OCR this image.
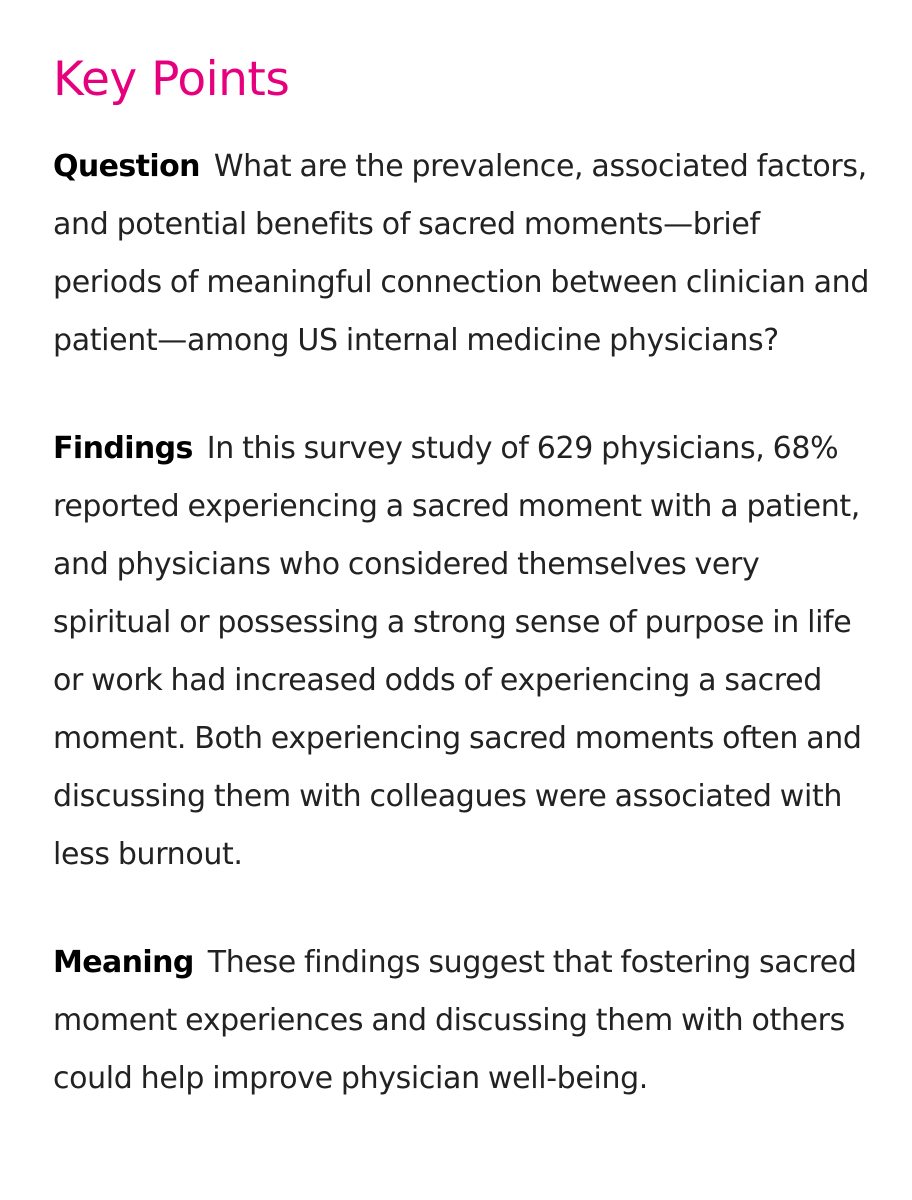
Key Points

Question What are the prevalence, associated factors, and potential benefits of sacred moments—brief periods of meaningful connection between clinician and patient—among US internal medicine physicians?

Findings In this survey study of 629 physicians, 68% reported experiencing a sacred moment with a patient, and physicians who considered themselves very spiritual or possessing a strong sense of purpose in life or work had increased odds of experiencing a sacred moment. Both experiencing sacred moments often and discussing them with colleagues were associated with less burnout.

Meaning These findings suggest that fostering sacred moment experiences and discussing them with others could help improve physician well-being.
